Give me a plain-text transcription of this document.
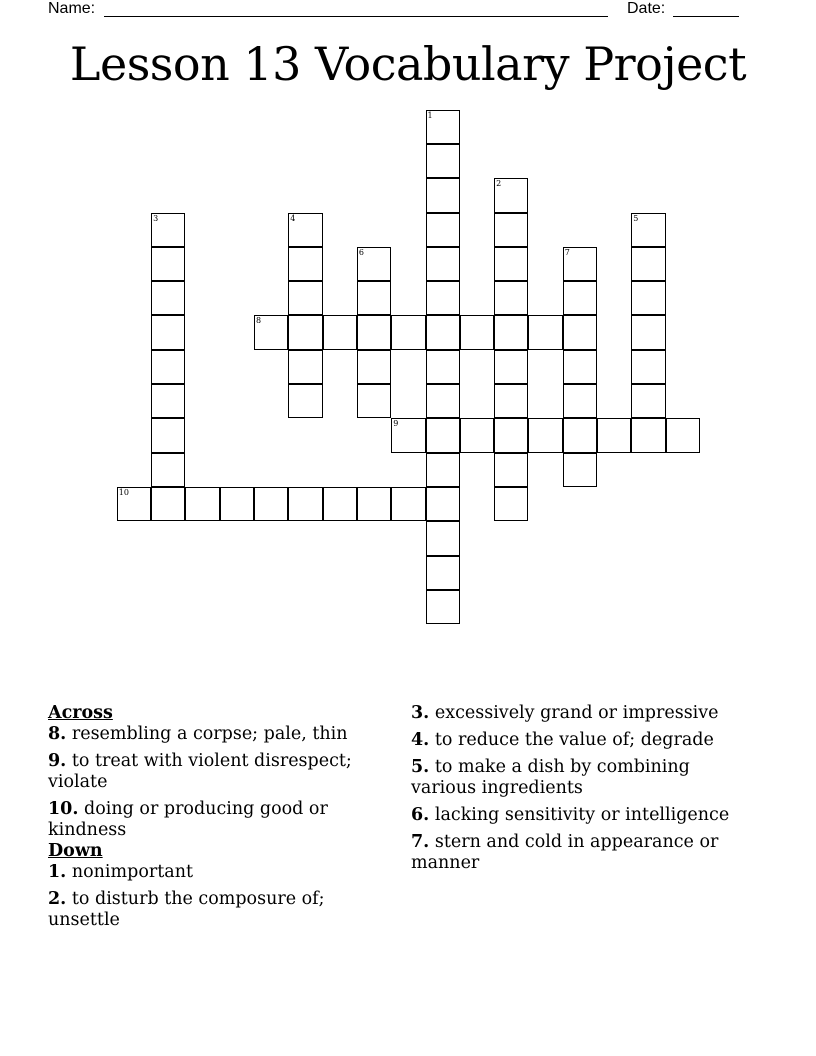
Name:	Date:
Lesson 13 Vocabulary Project
1
2
3	4	5
6	7
8
9
10
Across
8. resembling a corpse; pale, thin
9. to treat with violent disrespect; violate
10. doing or producing good or kindness
Down
1. nonimportant
2. to disturb the composure of; unsettle
3. excessively grand or impressive
4. to reduce the value of; degrade
5. to make a dish by combining various ingredients
6. lacking sensitivity or intelligence
7. stern and cold in appearance or manner
